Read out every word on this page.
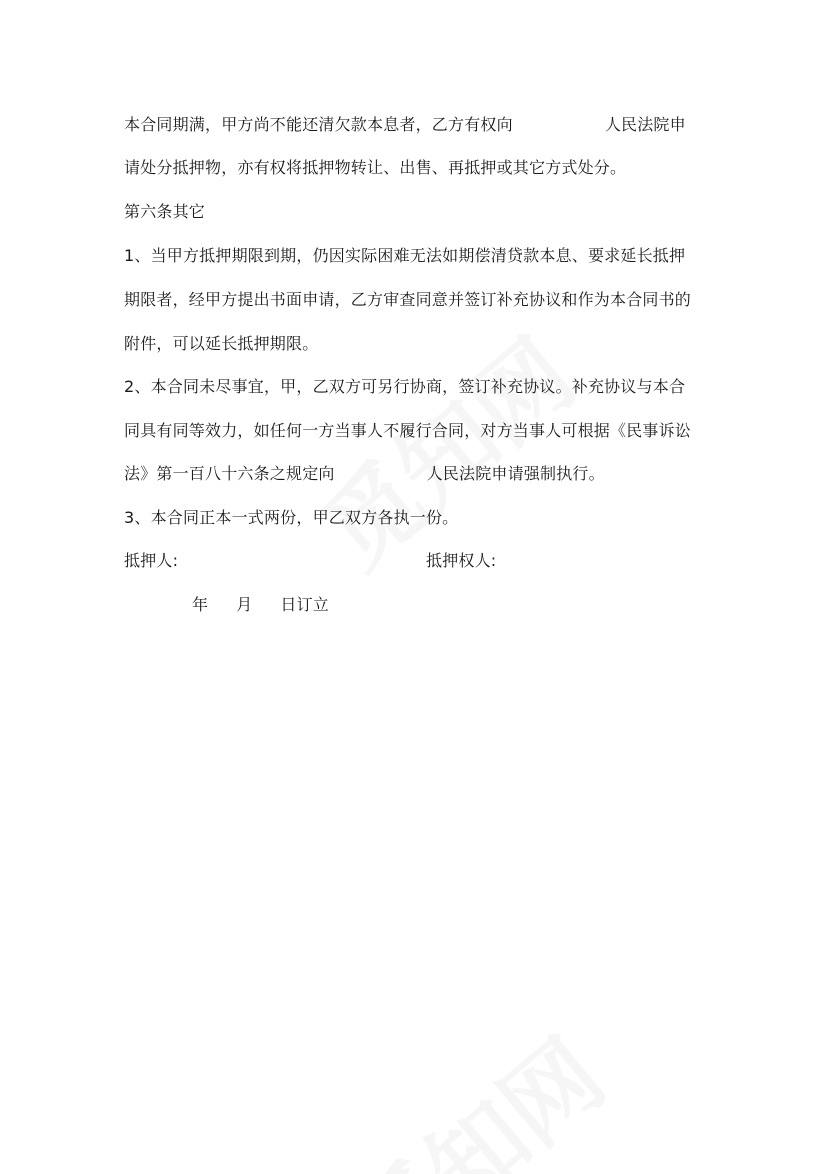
本合同期满，甲方尚不能还清欠款本息者，乙方有权向	人民法院申
请处分抵押物，亦有权将抵押物转让、出售、再抵押或其它方式处分。
第六条其它
1、当甲方抵押期限到期，仍因实际困难无法如期偿清贷款本息、要求延长抵押
期限者，经甲方提出书面申请，乙方审查同意并签订补充协议和作为本合同书的
附件，可以延长抵押期限。
2、本合同未尽事宜，甲，乙双方可另行协商，签订补充协议。补充协议与本合
同具有同等效力，如任何一方当事人不履行合同，对方当事人可根据《民事诉讼
法》第一百八十六条之规定向	人民法院申请强制执行。
3、本合同正本一式两份，甲乙双方各执一份。
抵押人:	抵押权人:
年 月 日订立
